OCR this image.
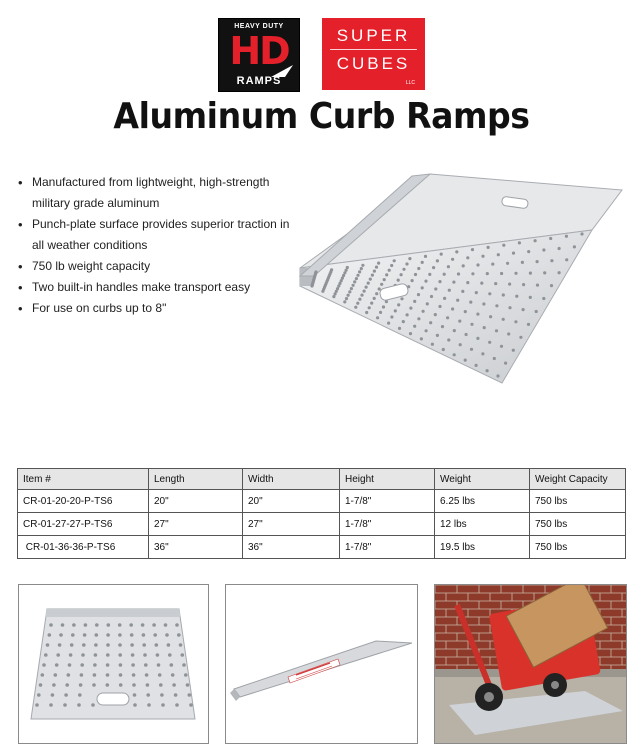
HEAVY DUTY
HD
RAMPS
SUPER
CUBES
LLC
Aluminum Curb Ramps
• Manufactured from lightweight, high-strength military grade aluminum
• Punch-plate surface provides superior traction in all weather conditions
• 750 lb weight capacity
• Two built-in handles make transport easy
• For use on curbs up to 8"
Item #	Length	Width	Height	Weight	Weight Capacity
CR-01-20-20-P-TS6	20"	20"	1-7/8"	6.25 lbs	750 lbs
CR-01-27-27-P-TS6	27"	27"	1-7/8"	12 lbs	750 lbs
CR-01-36-36-P-TS6	36"	36"	1-7/8"	19.5 lbs	750 lbs
